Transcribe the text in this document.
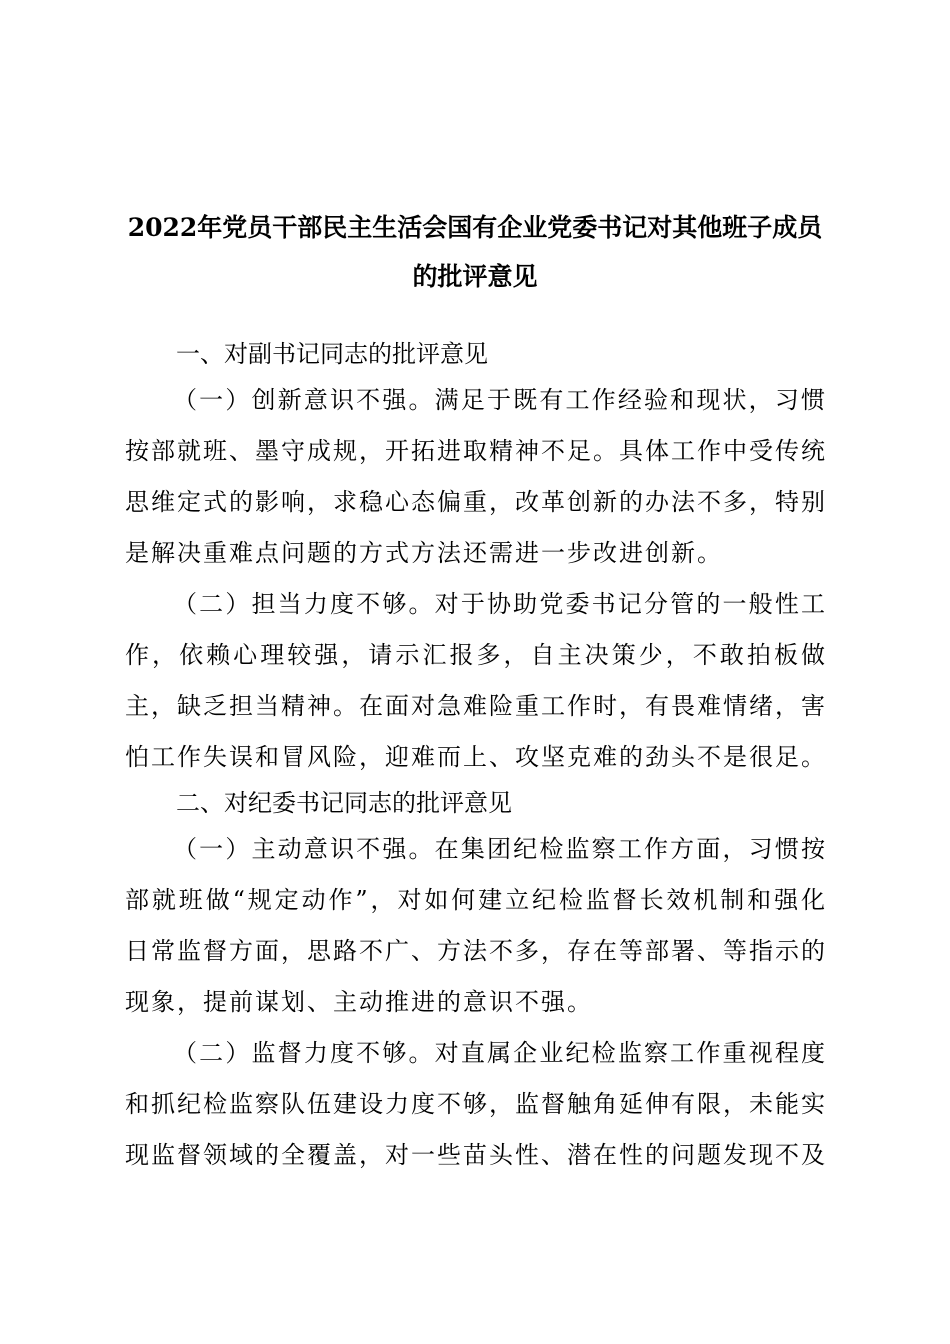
2022年党员干部民主生活会国有企业党委书记对其他班子成员
的批评意见
一、对副书记同志的批评意见

（一）创新意识不强。满足于既有工作经验和现状，习惯按部就班、墨守成规，开拓进取精神不足。具体工作中受传统思维定式的影响，求稳心态偏重，改革创新的办法不多，特别是解决重难点问题的方式方法还需进一步改进创新。

（二）担当力度不够。对于协助党委书记分管的一般性工作，依赖心理较强，请示汇报多，自主决策少，不敢拍板做主，缺乏担当精神。在面对急难险重工作时，有畏难情绪，害怕工作失误和冒风险，迎难而上、攻坚克难的劲头不是很足。

二、对纪委书记同志的批评意见

（一）主动意识不强。在集团纪检监察工作方面，习惯按部就班做“规定动作”，对如何建立纪检监督长效机制和强化日常监督方面，思路不广、方法不多，存在等部署、等指示的现象，提前谋划、主动推进的意识不强。

（二）监督力度不够。对直属企业纪检监察工作重视程度和抓纪检监察队伍建设力度不够，监督触角延伸有限，未能实现监督领域的全覆盖，对一些苗头性、潜在性的问题发现不及
